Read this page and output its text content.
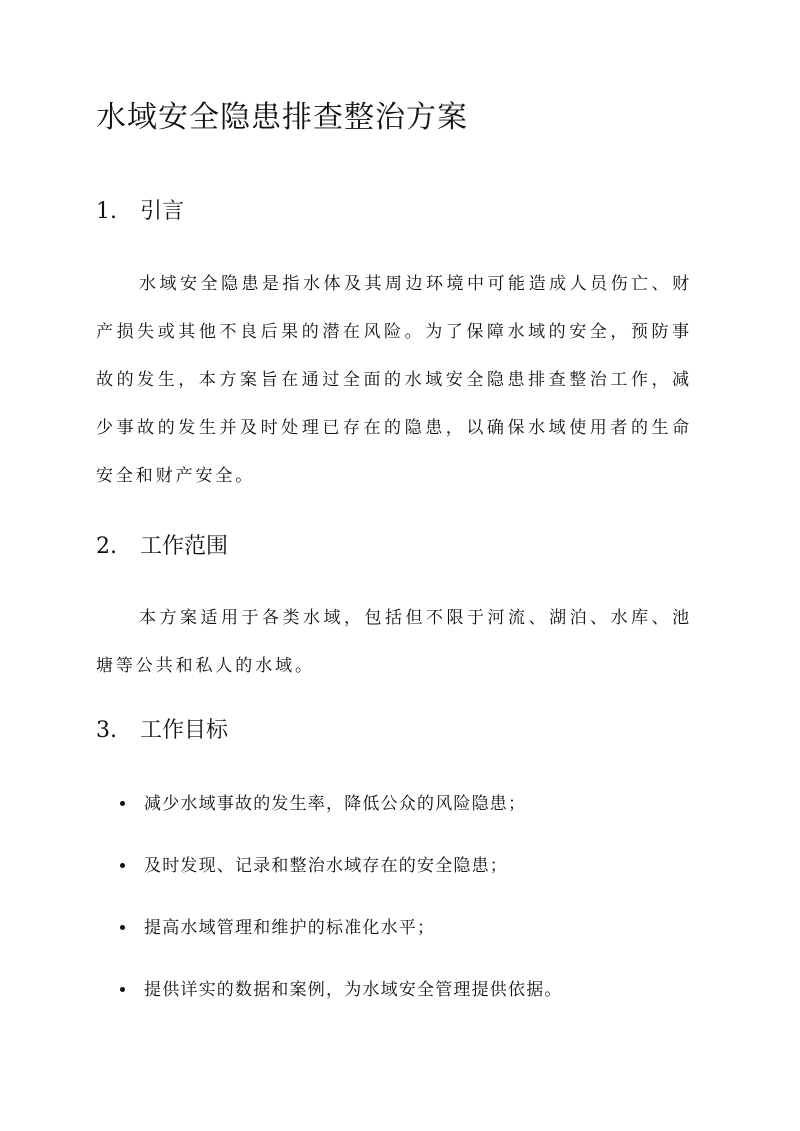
水域安全隐患排查整治方案
1. 引言

水域安全隐患是指水体及其周边环境中可能造成人员伤亡、财产损失或其他不良后果的潜在风险。为了保障水域的安全，预防事故的发生，本方案旨在通过全面的水域安全隐患排查整治工作，减少事故的发生并及时处理已存在的隐患，以确保水域使用者的生命安全和财产安全。

2. 工作范围

本方案适用于各类水域，包括但不限于河流、湖泊、水库、池塘等公共和私人的水域。

3. 工作目标
减少水域事故的发生率，降低公众的风险隐患；
及时发现、记录和整治水域存在的安全隐患；
提高水域管理和维护的标准化水平；
提供详实的数据和案例，为水域安全管理提供依据。
